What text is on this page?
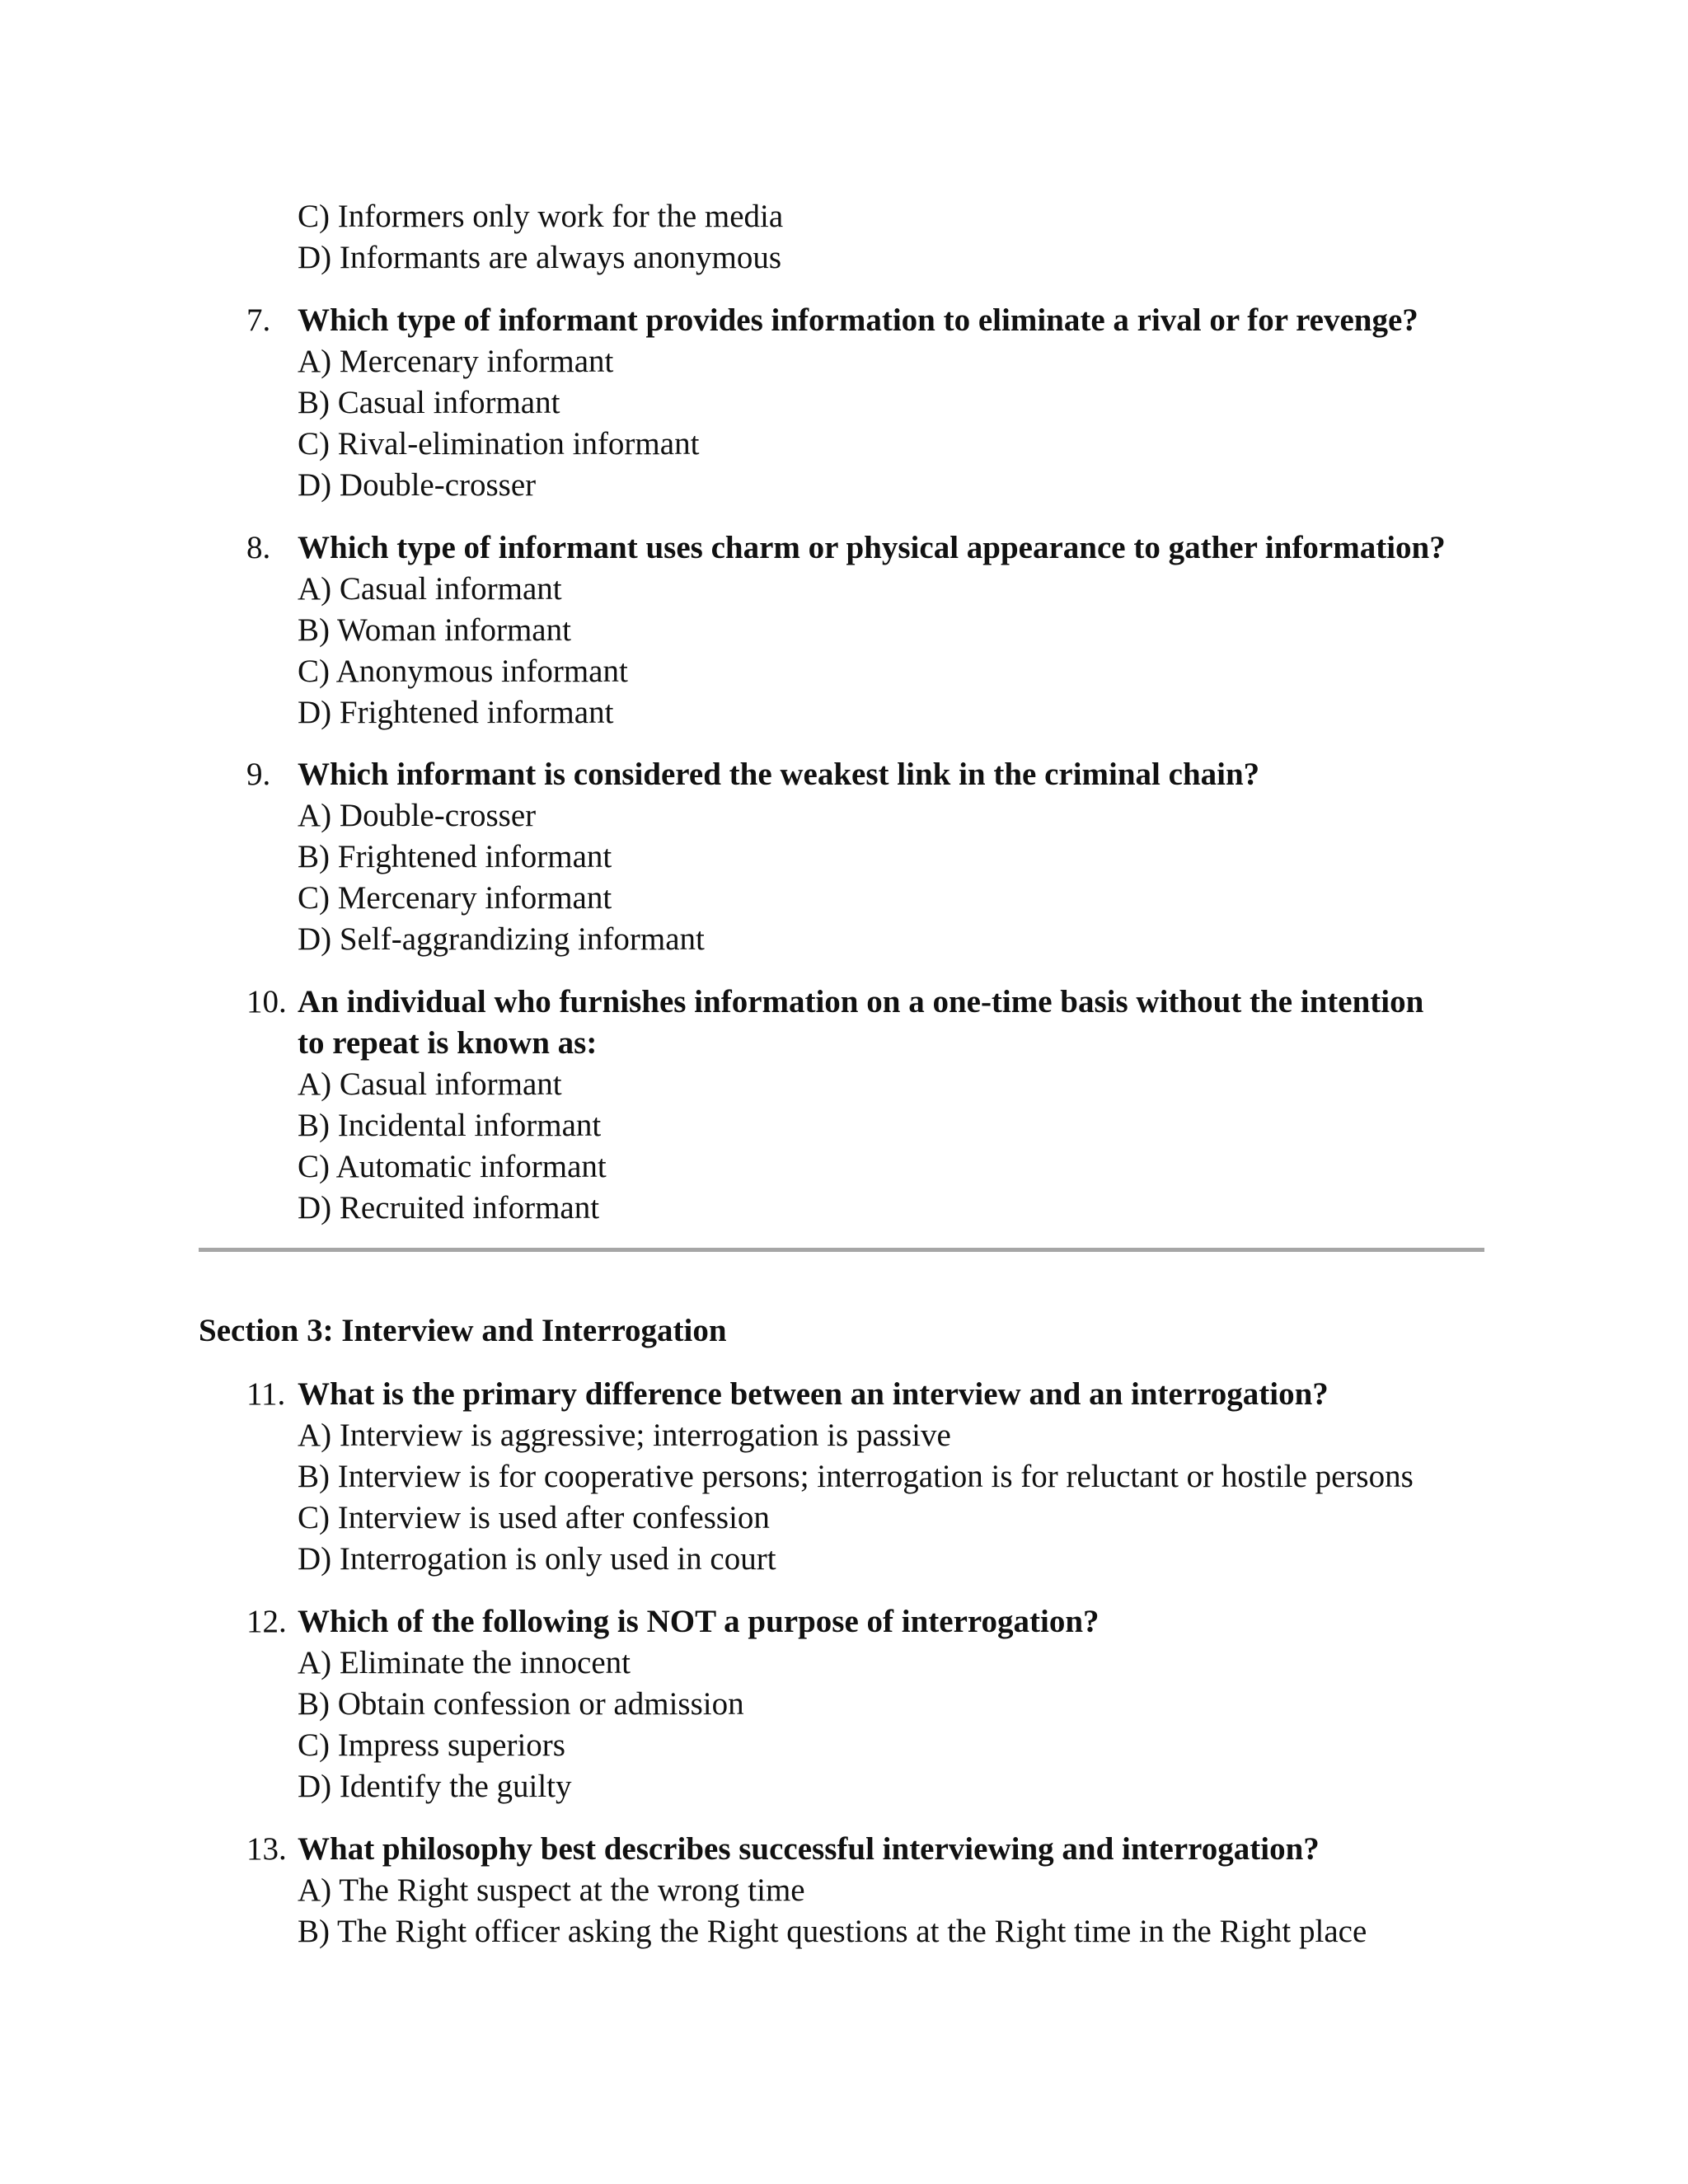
C) Informers only work for the media
D) Informants are always anonymous
7. Which type of informant provides information to eliminate a rival or for revenge?
A) Mercenary informant
B) Casual informant
C) Rival-elimination informant
D) Double-crosser
8. Which type of informant uses charm or physical appearance to gather information?
A) Casual informant
B) Woman informant
C) Anonymous informant
D) Frightened informant
9. Which informant is considered the weakest link in the criminal chain?
A) Double-crosser
B) Frightened informant
C) Mercenary informant
D) Self-aggrandizing informant
10. An individual who furnishes information on a one-time basis without the intention
to repeat is known as:
A) Casual informant
B) Incidental informant
C) Automatic informant
D) Recruited informant
Section 3: Interview and Interrogation
11. What is the primary difference between an interview and an interrogation?
A) Interview is aggressive; interrogation is passive
B) Interview is for cooperative persons; interrogation is for reluctant or hostile persons
C) Interview is used after confession
D) Interrogation is only used in court
12. Which of the following is NOT a purpose of interrogation?
A) Eliminate the innocent
B) Obtain confession or admission
C) Impress superiors
D) Identify the guilty
13. What philosophy best describes successful interviewing and interrogation?
A) The Right suspect at the wrong time
B) The Right officer asking the Right questions at the Right time in the Right place
